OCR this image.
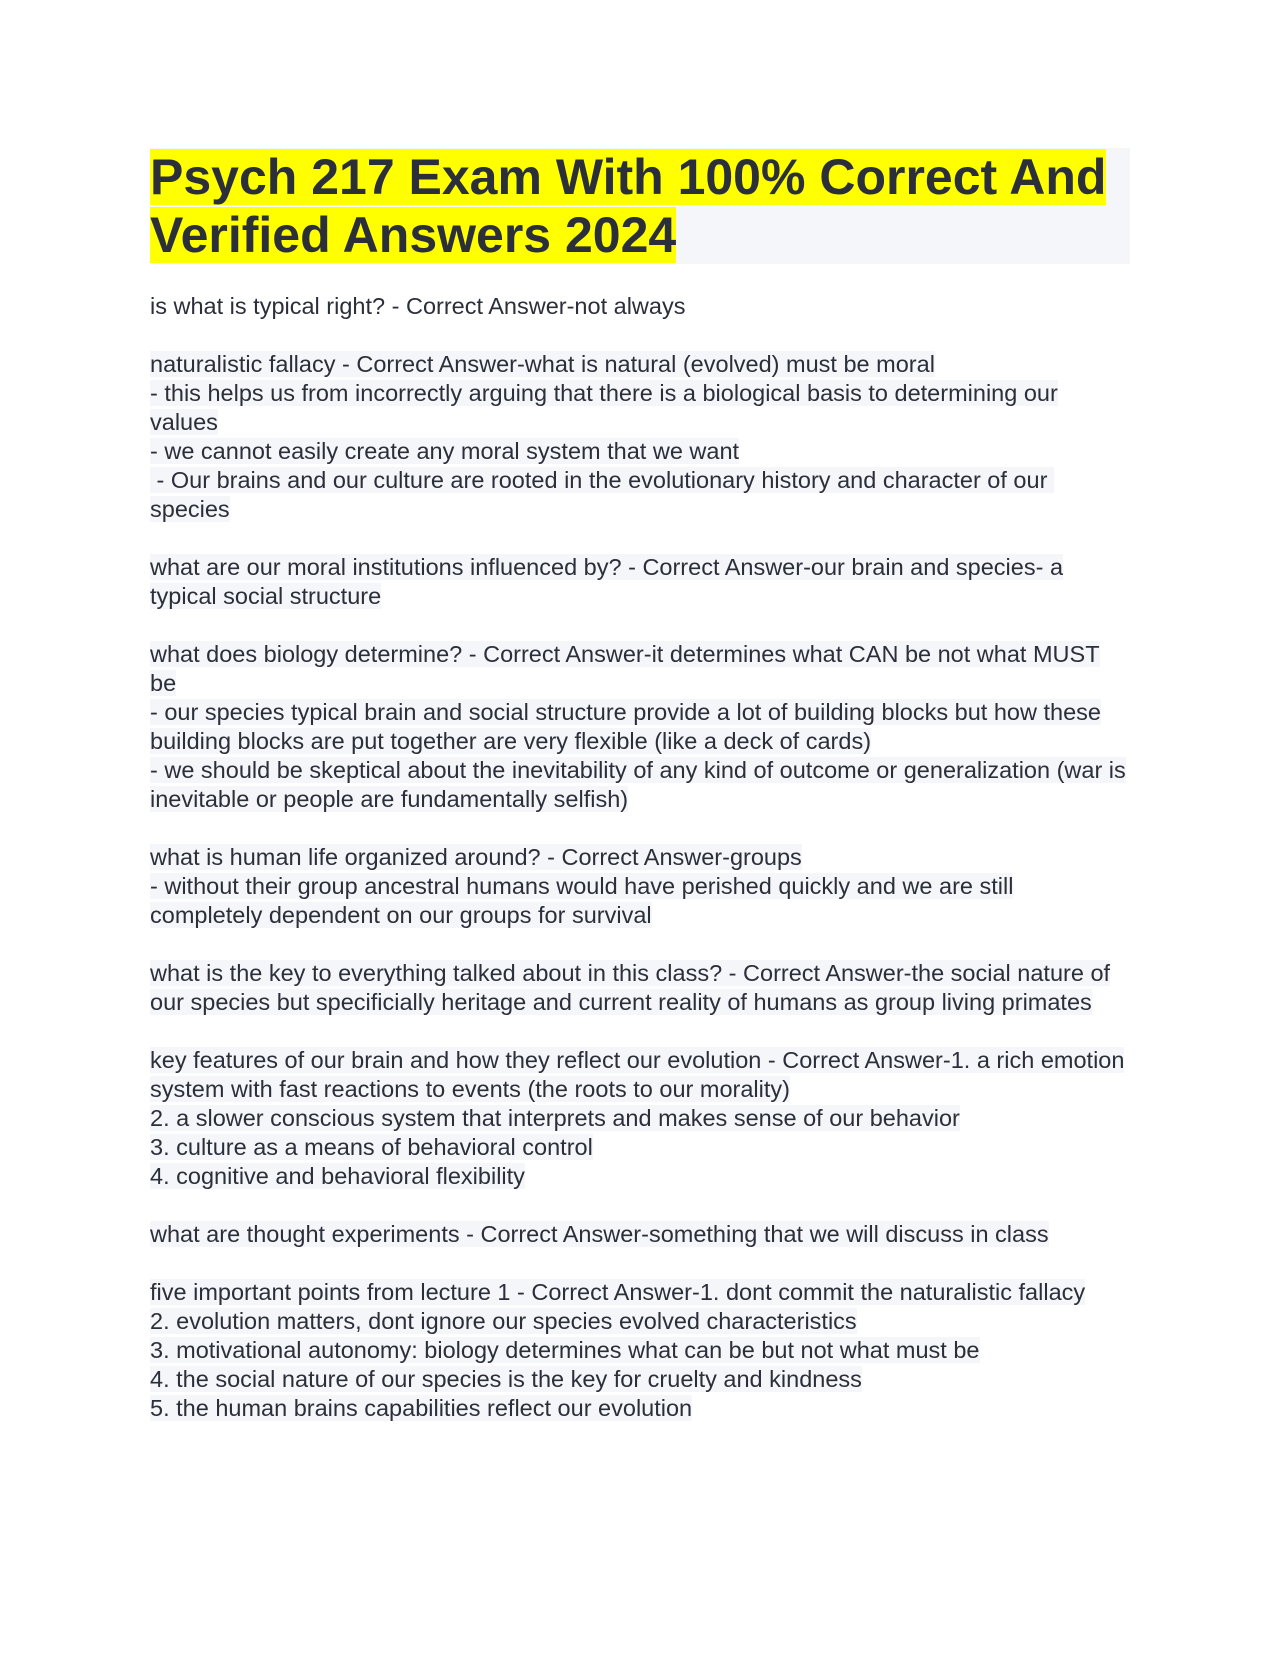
Psych 217 Exam With 100% Correct And
Verified Answers 2024

is what is typical right? - Correct Answer-not always

naturalistic fallacy - Correct Answer-what is natural (evolved) must be moral

- this helps us from incorrectly arguing that there is a biological basis to determining our values

- we cannot easily create any moral system that we want

- Our brains and our culture are rooted in the evolutionary history and character of our species

what are our moral institutions influenced by? - Correct Answer-our brain and species- a typical social structure

what does biology determine? - Correct Answer-it determines what CAN be not what MUST be

- our species typical brain and social structure provide a lot of building blocks but how these building blocks are put together are very flexible (like a deck of cards)

- we should be skeptical about the inevitability of any kind of outcome or generalization (war is inevitable or people are fundamentally selfish)

what is human life organized around? - Correct Answer-groups

- without their group ancestral humans would have perished quickly and we are still completely dependent on our groups for survival

what is the key to everything talked about in this class? - Correct Answer-the social nature of our species but specificially heritage and current reality of humans as group living primates

key features of our brain and how they reflect our evolution - Correct Answer-1. a rich emotion system with fast reactions to events (the roots to our morality)

2. a slower conscious system that interprets and makes sense of our behavior

3. culture as a means of behavioral control

4. cognitive and behavioral flexibility

what are thought experiments - Correct Answer-something that we will discuss in class

five important points from lecture 1 - Correct Answer-1. dont commit the naturalistic fallacy

2. evolution matters, dont ignore our species evolved characteristics

3. motivational autonomy: biology determines what can be but not what must be

4. the social nature of our species is the key for cruelty and kindness

5. the human brains capabilities reflect our evolution
